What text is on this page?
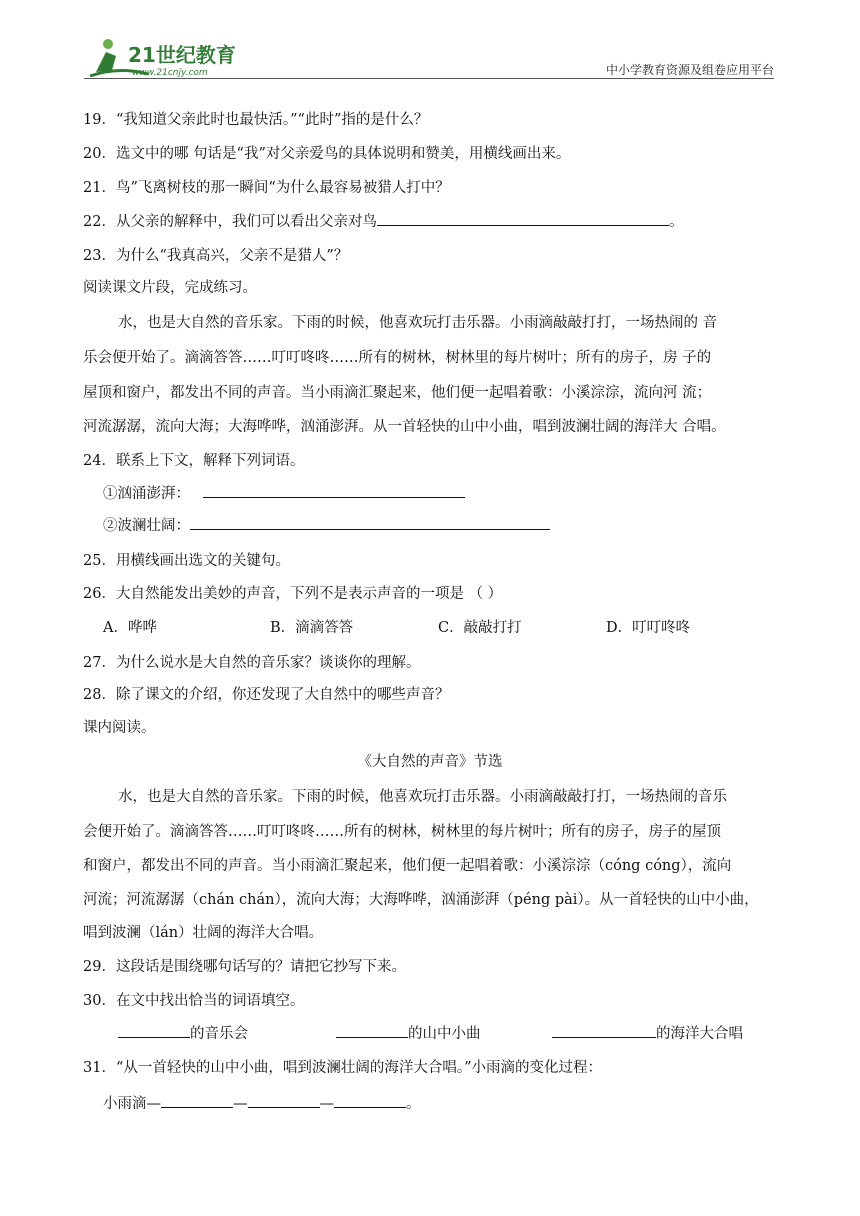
21世纪教育
www.21cnjy.com	中小学教育资源及组卷应用平台
19．“我知道父亲此时也最快活。”“此时”指的是什么？
20．选文中的哪 句话是“我”对父亲爱鸟的具体说明和赞美，用横线画出来。
21．鸟”飞离树枝的那一瞬间“为什么最容易被猎人打中？
22．从父亲的解释中，我们可以看出父亲对鸟	。
23．为什么“我真高兴，父亲不是猎人”？
阅读课文片段，完成练习。
水，也是大自然的音乐家。下雨的时候，他喜欢玩打击乐器。小雨滴敲敲打打，一场热闹的 音
乐会便开始了。滴滴答答……叮叮咚咚……所有的树林，树林里的每片树叶；所有的房子，房 子的
屋顶和窗户，都发出不同的声音。当小雨滴汇聚起来，他们便一起唱着歌：小溪淙淙，流向河 流；
河流潺潺，流向大海；大海哗哗，汹涌澎湃。从一首轻快的山中小曲，唱到波澜壮阔的海洋大 合唱。
24．联系上下文，解释下列词语。
①汹涌澎湃：
②波澜壮阔：
25．用横线画出选文的关键句。
26．大自然能发出美妙的声音，下列不是表示声音的一项是 （ ）
A．哗哗	B．滴滴答答	C．敲敲打打	D．叮叮咚咚
27．为什么说水是大自然的音乐家？谈谈你的理解。
28．除了课文的介绍，你还发现了大自然中的哪些声音？
课内阅读。
《大自然的声音》节选
水，也是大自然的音乐家。下雨的时候，他喜欢玩打击乐器。小雨滴敲敲打打，一场热闹的音乐
会便开始了。滴滴答答……叮叮咚咚……所有的树林，树林里的每片树叶；所有的房子，房子的屋顶
和窗户，都发出不同的声音。当小雨滴汇聚起来，他们便一起唱着歌：小溪淙淙（cóng cóng），流向
河流；河流潺潺（chán chán），流向大海；大海哗哗，汹涌澎湃（péng pài）。从一首轻快的山中小曲，
唱到波澜（lán）壮阔的海洋大合唱。
29．这段话是围绕哪句话写的？请把它抄写下来。
30．在文中找出恰当的词语填空。
的音乐会	的山中小曲	的海洋大合唱
31．“从一首轻快的山中小曲，唱到波澜壮阔的海洋大合唱。”小雨滴的变化过程：
小雨滴—	—	—	。
